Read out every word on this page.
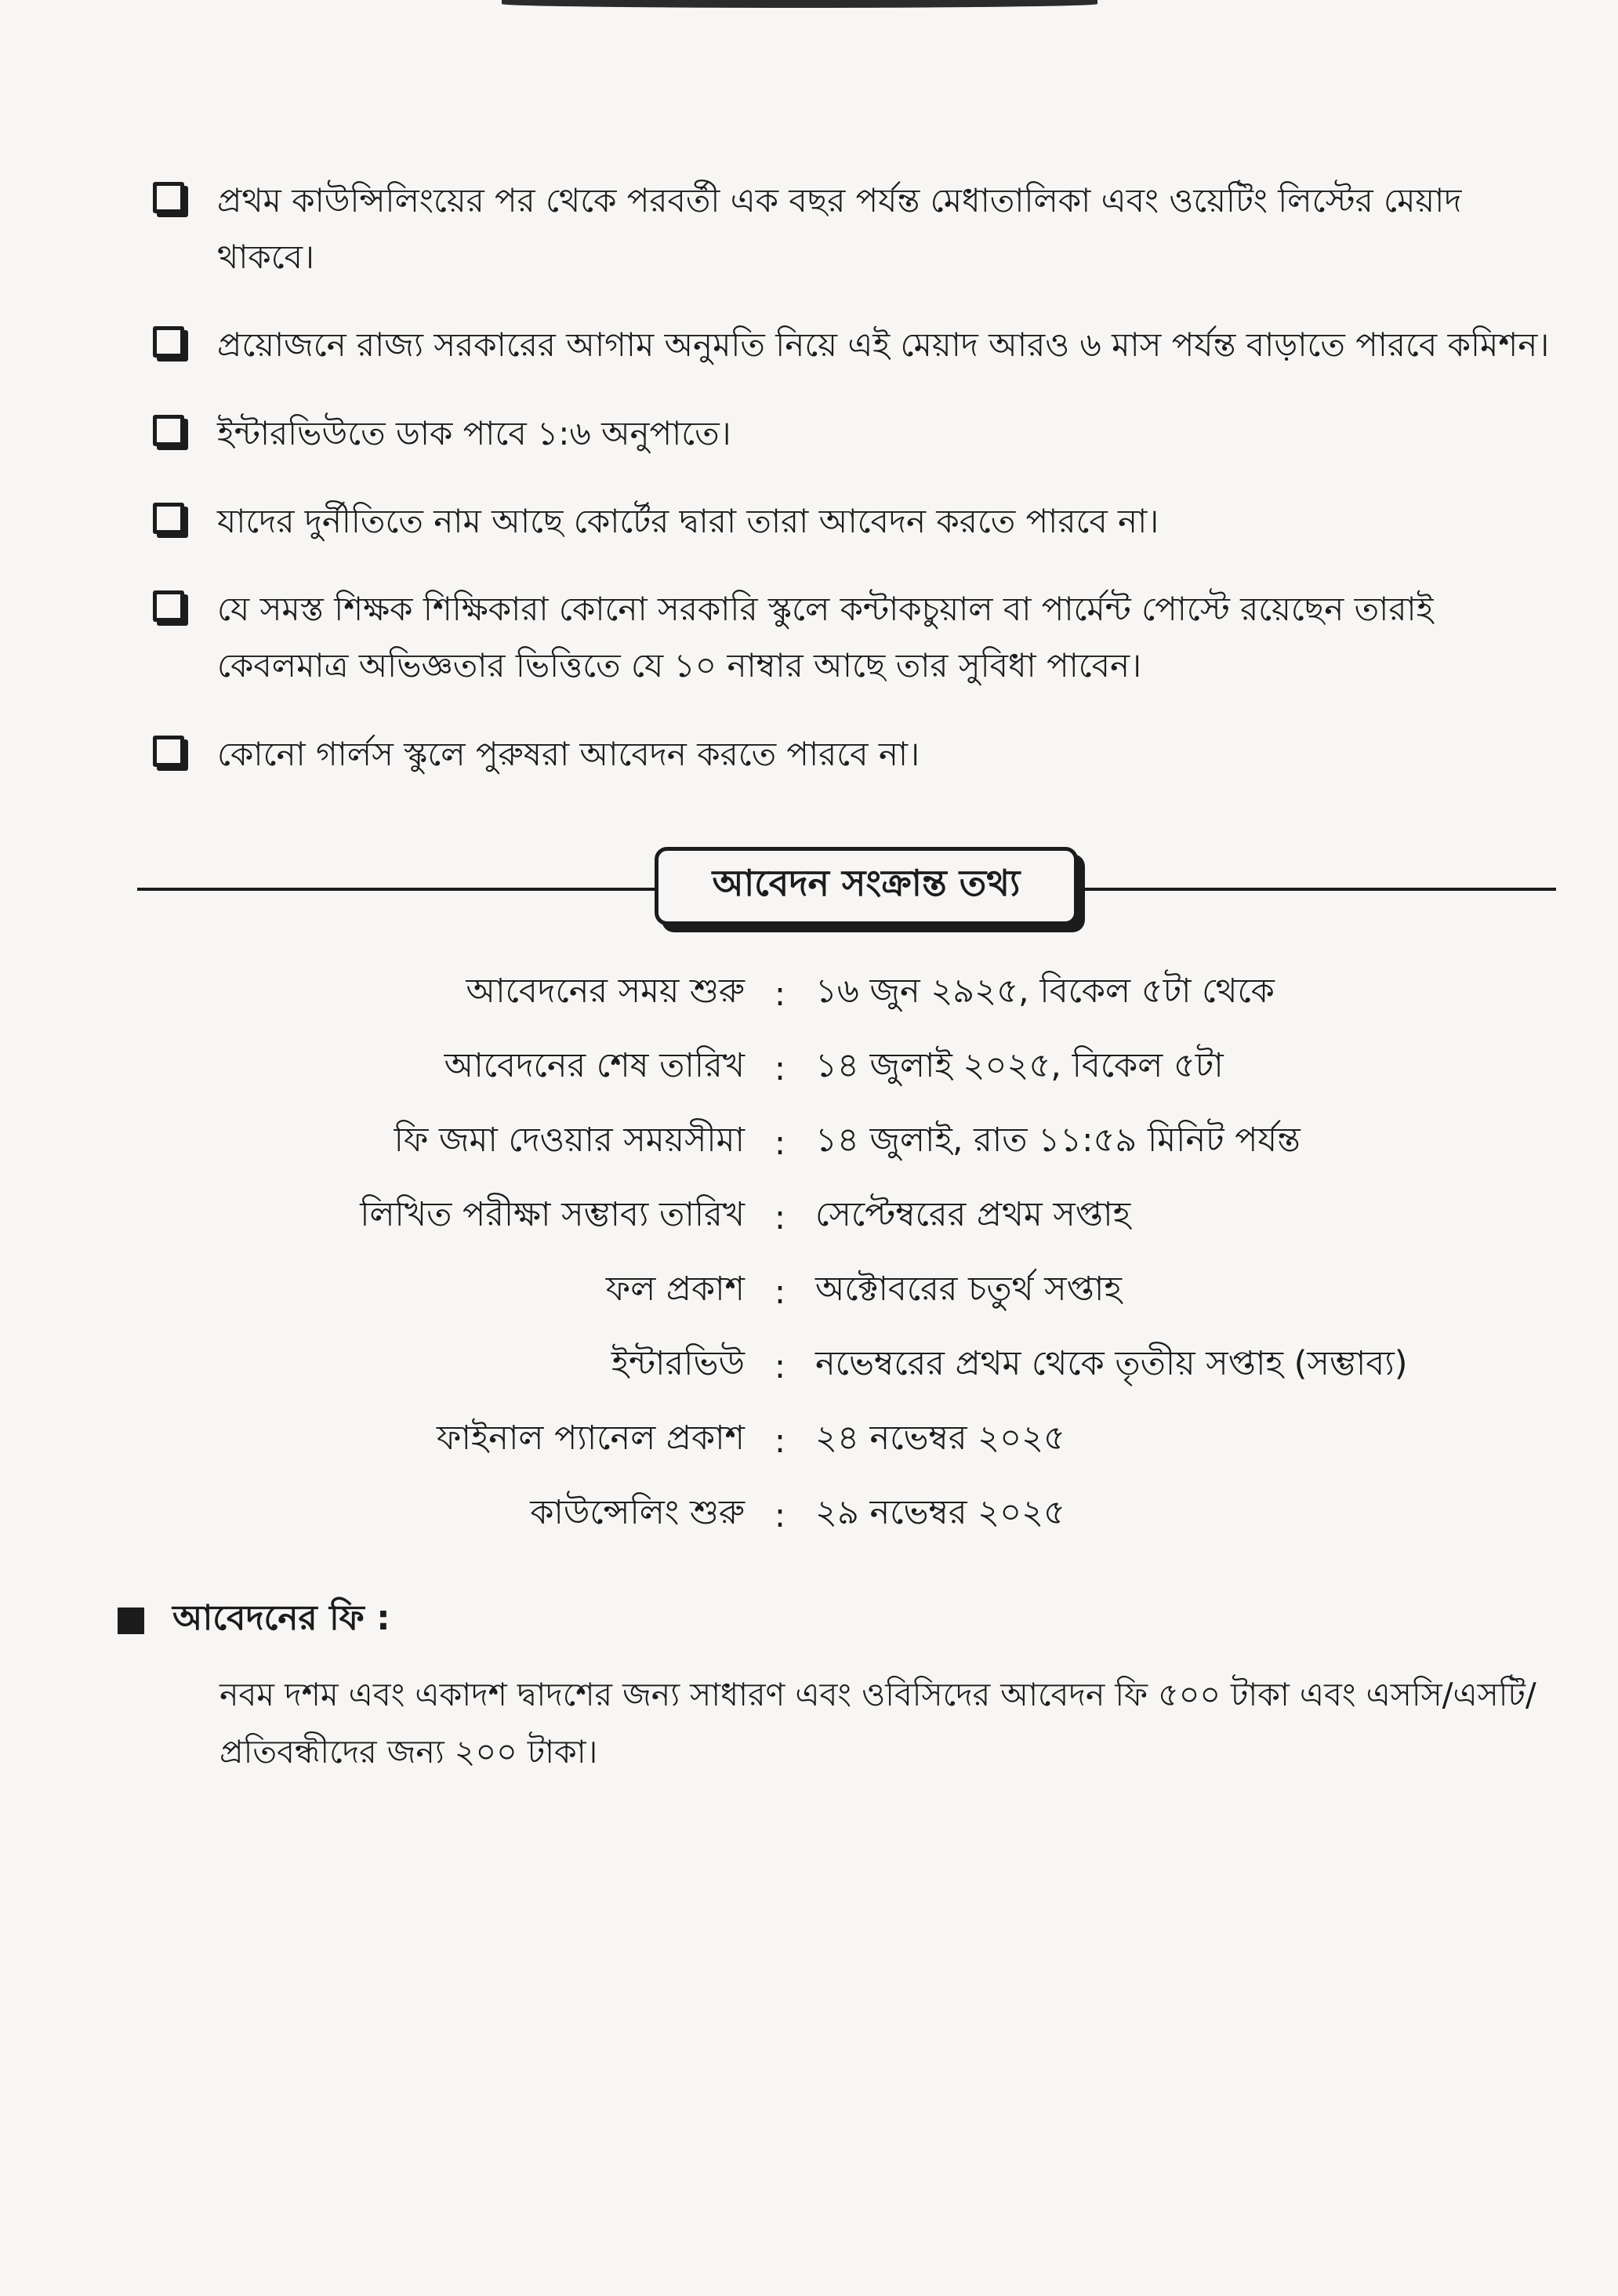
প্রথম কাউন্সিলিংয়ের পর থেকে পরবর্তী এক বছর পর্যন্ত মেধাতালিকা এবং ওয়েটিং লিস্টের মেয়াদ থাকবে।
প্রয়োজনে রাজ্য সরকারের আগাম অনুমতি নিয়ে এই মেয়াদ আরও ৬ মাস পর্যন্ত বাড়াতে পারবে কমিশন।
ইন্টারভিউতে ডাক পাবে ১:৬ অনুপাতে।
যাদের দুর্নীতিতে নাম আছে কোর্টের দ্বারা তারা আবেদন করতে পারবে না।
যে সমস্ত শিক্ষক শিক্ষিকারা কোনো সরকারি স্কুলে কন্টাকচুয়াল বা পার্মেন্ট পোস্টে রয়েছেন তারাই কেবলমাত্র অভিজ্ঞতার ভিত্তিতে যে ১০ নাম্বার আছে তার সুবিধা পাবেন।
কোনো গার্লস স্কুলে পুরুষরা আবেদন করতে পারবে না।
আবেদন সংক্রান্ত তথ্য
আবেদনের সময় শুরু : ১৬ জুন ২৯২৫, বিকেল ৫টা থেকে
আবেদনের শেষ তারিখ : ১৪ জুলাই ২০২৫, বিকেল ৫টা
ফি জমা দেওয়ার সময়সীমা : ১৪ জুলাই, রাত ১১:৫৯ মিনিট পর্যন্ত
লিখিত পরীক্ষা সম্ভাব্য তারিখ : সেপ্টেম্বরের প্রথম সপ্তাহ
ফল প্রকাশ : অক্টোবরের চতুর্থ সপ্তাহ
ইন্টারভিউ : নভেম্বরের প্রথম থেকে তৃতীয় সপ্তাহ (সম্ভাব্য)
ফাইনাল প্যানেল প্রকাশ : ২৪ নভেম্বর ২০২৫
কাউন্সেলিং শুরু : ২৯ নভেম্বর ২০২৫
আবেদনের ফি :
নবম দশম এবং একাদশ দ্বাদশের জন্য সাধারণ এবং ওবিসিদের আবেদন ফি ৫০০ টাকা এবং এসসি/এসটি/প্রতিবন্ধীদের জন্য ২০০ টাকা।
